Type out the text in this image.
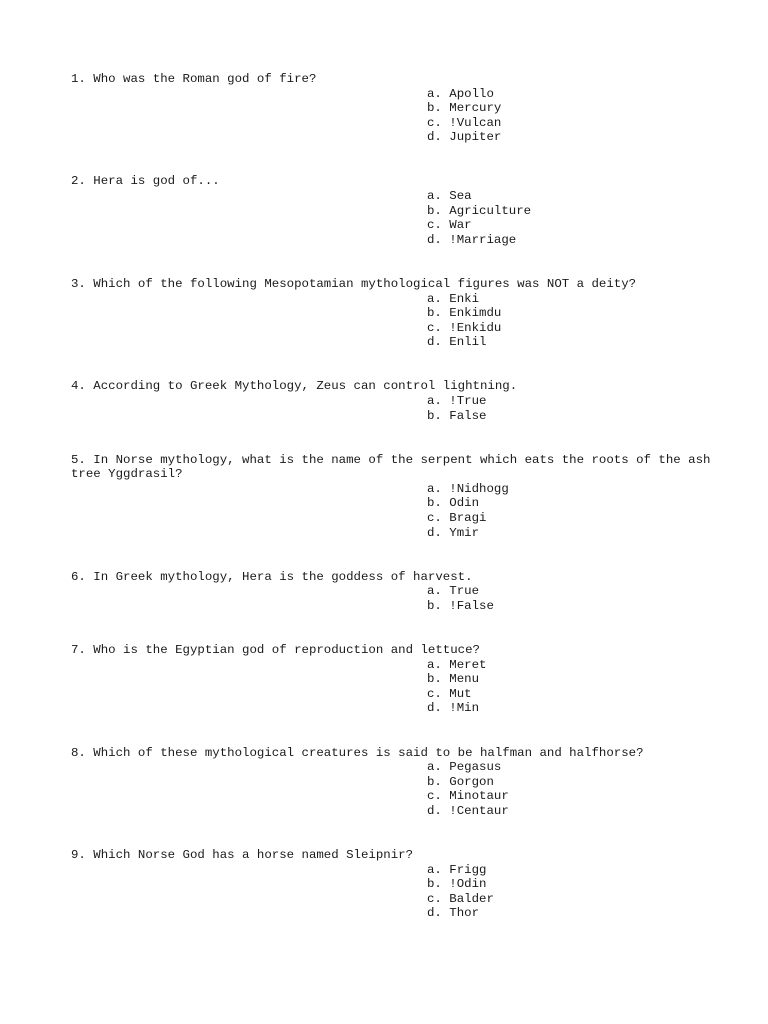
1. Who was the Roman god of fire?

a. Apollo
b. Mercury
c. !Vulcan
d. Jupiter

2. Hera is god of...

a. Sea
b. Agriculture
c. War
d. !Marriage

3. Which of the following Mesopotamian mythological figures was NOT a deity?

a. Enki
b. Enkimdu
c. !Enkidu
d. Enlil

4. According to Greek Mythology, Zeus can control lightning.

a. !True
b. False

5. In Norse mythology, what is the name of the serpent which eats the roots of the ash tree Yggdrasil?

a. !Nidhogg
b. Odin
c. Bragi
d. Ymir

6. In Greek mythology, Hera is the goddess of harvest.

a. True
b. !False

7. Who is the Egyptian god of reproduction and lettuce?

a. Meret
b. Menu
c. Mut
d. !Min

8. Which of these mythological creatures is said to be halfman and halfhorse?

a. Pegasus
b. Gorgon
c. Minotaur
d. !Centaur

9. Which Norse God has a horse named Sleipnir?

a. Frigg
b. !Odin
c. Balder
d. Thor
